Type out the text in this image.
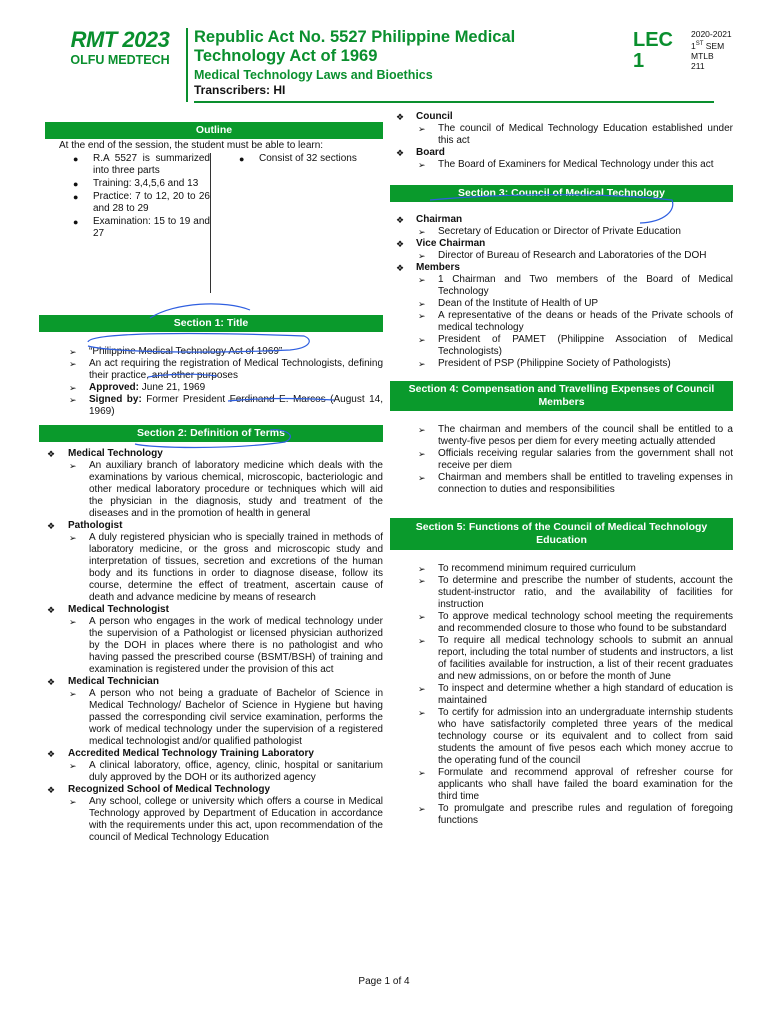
RMT 2023
OLFU MEDTECH
Republic Act No. 5527 Philippine Medical
Technology Act of 1969
Medical Technology Laws and Bioethics
Transcribers: HI
LEC
1
2020-2021
1ST SEM
MTLB
211
Outline
At the end of the session, the student must be able to learn:
● R.A 5527 is summarized into three parts
● Training: 3,4,5,6 and 13
● Practice: 7 to 12, 20 to 26 and 28 to 29
● Examination: 15 to 19 and 27
● Consist of 32 sections
Section 1: Title
➢ “Philippine Medical Technology Act of 1969”
➢ An act requiring the registration of Medical Technologists, defining their practice, and other purposes
➢ Approved: June 21, 1969
➢ Signed by: Former President Ferdinand E. Marcos (August 14, 1969)
Section 2: Definition of Terms
❖ Medical Technology
➢ An auxiliary branch of laboratory medicine which deals with the examinations by various chemical, microscopic, bacteriologic and other medical laboratory procedure or techniques which will aid the physician in the diagnosis, study and treatment of the diseases and in the promotion of health in general
❖ Pathologist
➢ A duly registered physician who is specially trained in methods of laboratory medicine, or the gross and microscopic study and interpretation of tissues, secretion and excretions of the human body and its functions in order to diagnose disease, follow its course, determine the effect of treatment, ascertain cause of death and advance medicine by means of research
❖ Medical Technologist
➢ A person who engages in the work of medical technology under the supervision of a Pathologist or licensed physician authorized by the DOH in places where there is no pathologist and who having passed the prescribed course (BSMT/BSH) of training and examination is registered under the provision of this act
❖ Medical Technician
➢ A person who not being a graduate of Bachelor of Science in Medical Technology/ Bachelor of Science in Hygiene but having passed the corresponding civil service examination, performs the work of medical technology under the supervision of a registered medical technologist and/or qualified pathologist
❖ Accredited Medical Technology Training Laboratory
➢ A clinical laboratory, office, agency, clinic, hospital or sanitarium duly approved by the DOH or its authorized agency
❖ Recognized School of Medical Technology
➢ Any school, college or university which offers a course in Medical Technology approved by Department of Education in accordance with the requirements under this act, upon recommendation of the council of Medical Technology Education
❖ Council
➢ The council of Medical Technology Education established under this act
❖ Board
➢ The Board of Examiners for Medical Technology under this act
Section 3: Council of Medical Technology
❖ Chairman
➢ Secretary of Education or Director of Private Education
❖ Vice Chairman
➢ Director of Bureau of Research and Laboratories of the DOH
❖ Members
➢ 1 Chairman and Two members of the Board of Medical Technology
➢ Dean of the Institute of Health of UP
➢ A representative of the deans or heads of the Private schools of medical technology
➢ President of PAMET (Philippine Association of Medical Technologists)
➢ President of PSP (Philippine Society of Pathologists)
Section 4: Compensation and Travelling Expenses of Council Members
➢ The chairman and members of the council shall be entitled to a twenty-five pesos per diem for every meeting actually attended
➢ Officials receiving regular salaries from the government shall not receive per diem
➢ Chairman and members shall be entitled to traveling expenses in connection to duties and responsibilities
Section 5: Functions of the Council of Medical Technology Education
➢ To recommend minimum required curriculum
➢ To determine and prescribe the number of students, account the student-instructor ratio, and the availability of facilities for instruction
➢ To approve medical technology school meeting the requirements and recommended closure to those who found to be substandard
➢ To require all medical technology schools to submit an annual report, including the total number of students and instructors, a list of facilities available for instruction, a list of their recent graduates and new admissions, on or before the month of June
➢ To inspect and determine whether a high standard of education is maintained
➢ To certify for admission into an undergraduate internship students who have satisfactorily completed three years of the medical technology course or its equivalent and to collect from said students the amount of five pesos each which money accrue to the operating fund of the council
➢ Formulate and recommend approval of refresher course for applicants who shall have failed the board examination for the third time
➢ To promulgate and prescribe rules and regulation of foregoing functions
Page 1 of 4
